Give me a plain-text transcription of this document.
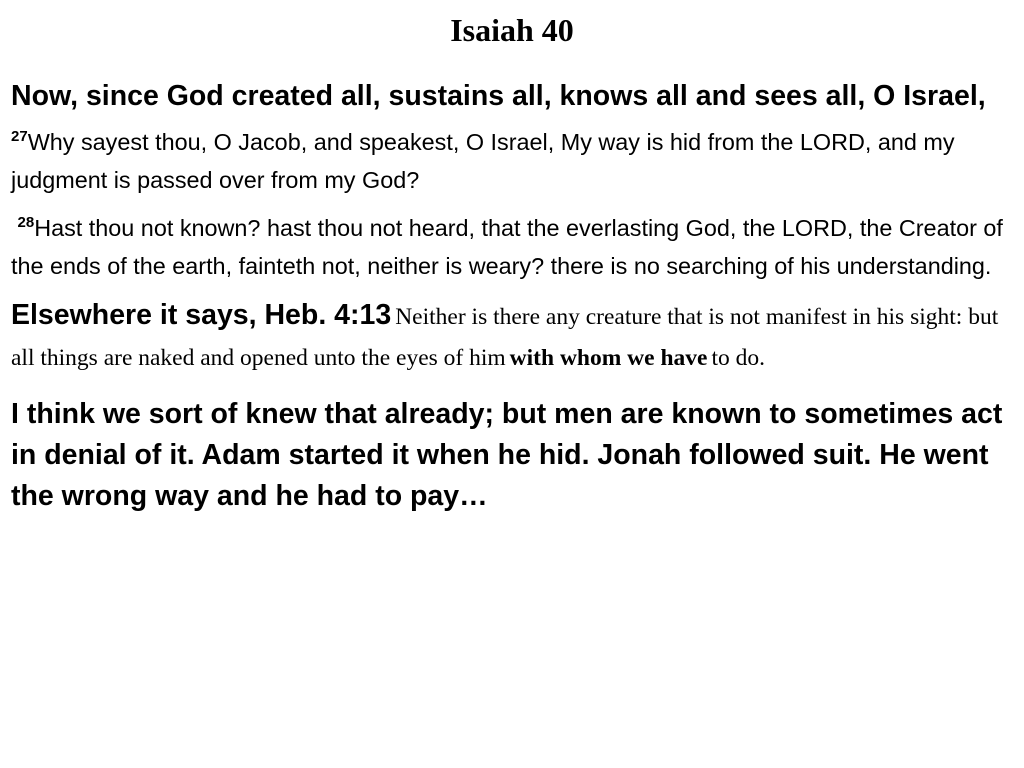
Isaiah 40

Now, since God created all, sustains all, knows all and sees all, O Israel,

$^{27}$Why sayest thou, O Jacob, and speakest, O Israel, My way is hid from the LORD, and my judgment is passed over from my God?

$^{28}$Hast thou not known? hast thou not heard, that the everlasting God, the LORD, the Creator of the ends of the earth, fainteth not, neither is weary? there is no searching of his understanding.

Elsewhere it says, Heb. 4:13 Neither is there any creature that is not manifest in his sight: but all things are naked and opened unto the eyes of him with whom we have to do.

I think we sort of knew that already; but men are known to sometimes act in denial of it. Adam started it when he hid. Jonah followed suit. He went the wrong way and he had to pay…
